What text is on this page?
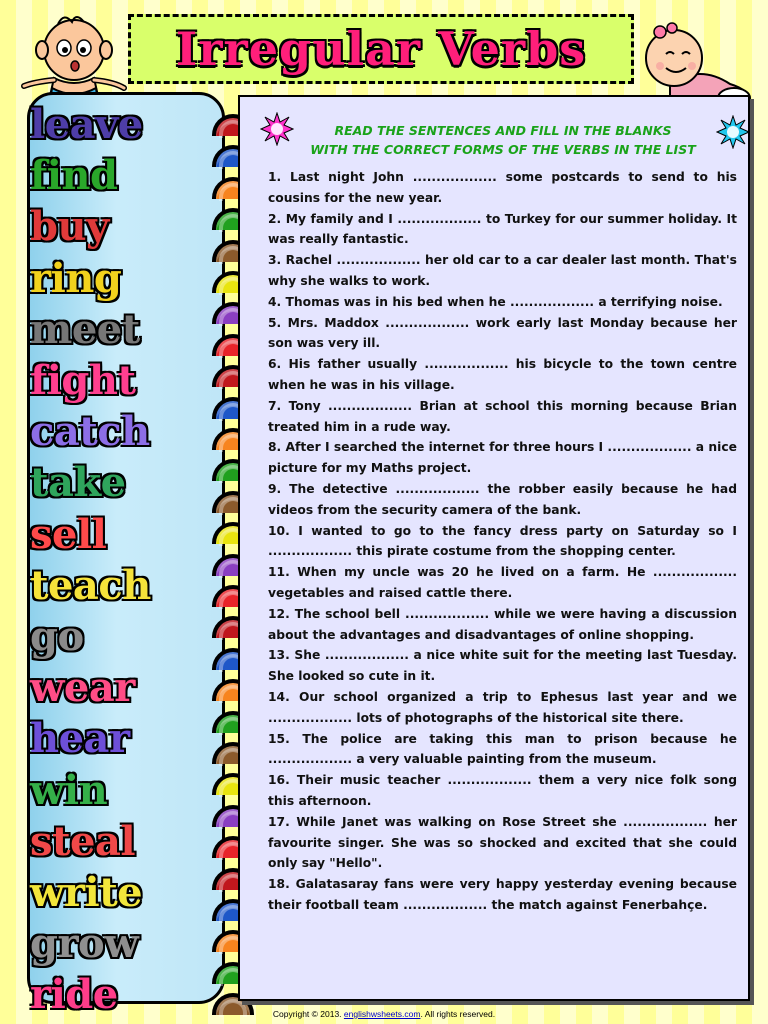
Irregular Verbs
leave
find
buy
ring
meet
fight
catch
take
sell
teach
go
wear
hear
win
steal
write
grow
ride
READ THE SENTENCES AND FILL IN THE BLANKS
WITH THE CORRECT FORMS OF THE VERBS IN THE LIST
1. Last night John .................. some postcards to send to his cousins for the new year.
2. My family and I .................. to Turkey for our summer holiday. It was really fantastic.
3. Rachel .................. her old car to a car dealer last month. That's why she walks to work.
4. Thomas was in his bed when he .................. a terrifying noise.
5. Mrs. Maddox .................. work early last Monday because her son was very ill.
6. His father usually .................. his bicycle to the town centre when he was in his village.
7. Tony .................. Brian at school this morning because Brian treated him in a rude way.
8. After I searched the internet for three hours I .................. a nice picture for my Maths project.
9. The detective .................. the robber easily because he had videos from the security camera of the bank.
10. I wanted to go to the fancy dress party on Saturday so I .................. this pirate costume from the shopping center.
11. When my uncle was 20 he lived on a farm. He .................. vegetables and raised cattle there.
12. The school bell .................. while we were having a discussion about the advantages and disadvantages of online shopping.
13. She .................. a nice white suit for the meeting last Tuesday. She looked so cute in it.
14. Our school organized a trip to Ephesus last year and we .................. lots of photographs of the historical site there.
15. The police are taking this man to prison because he .................. a very valuable painting from the museum.
16. Their music teacher .................. them a very nice folk song this afternoon.
17. While Janet was walking on Rose Street she .................. her favourite singer. She was so shocked and excited that she could only say "Hello".
18. Galatasaray fans were very happy yesterday evening because their football team .................. the match against Fenerbahçe.
Copyright © 2013. englishwsheets.com. All rights reserved.
